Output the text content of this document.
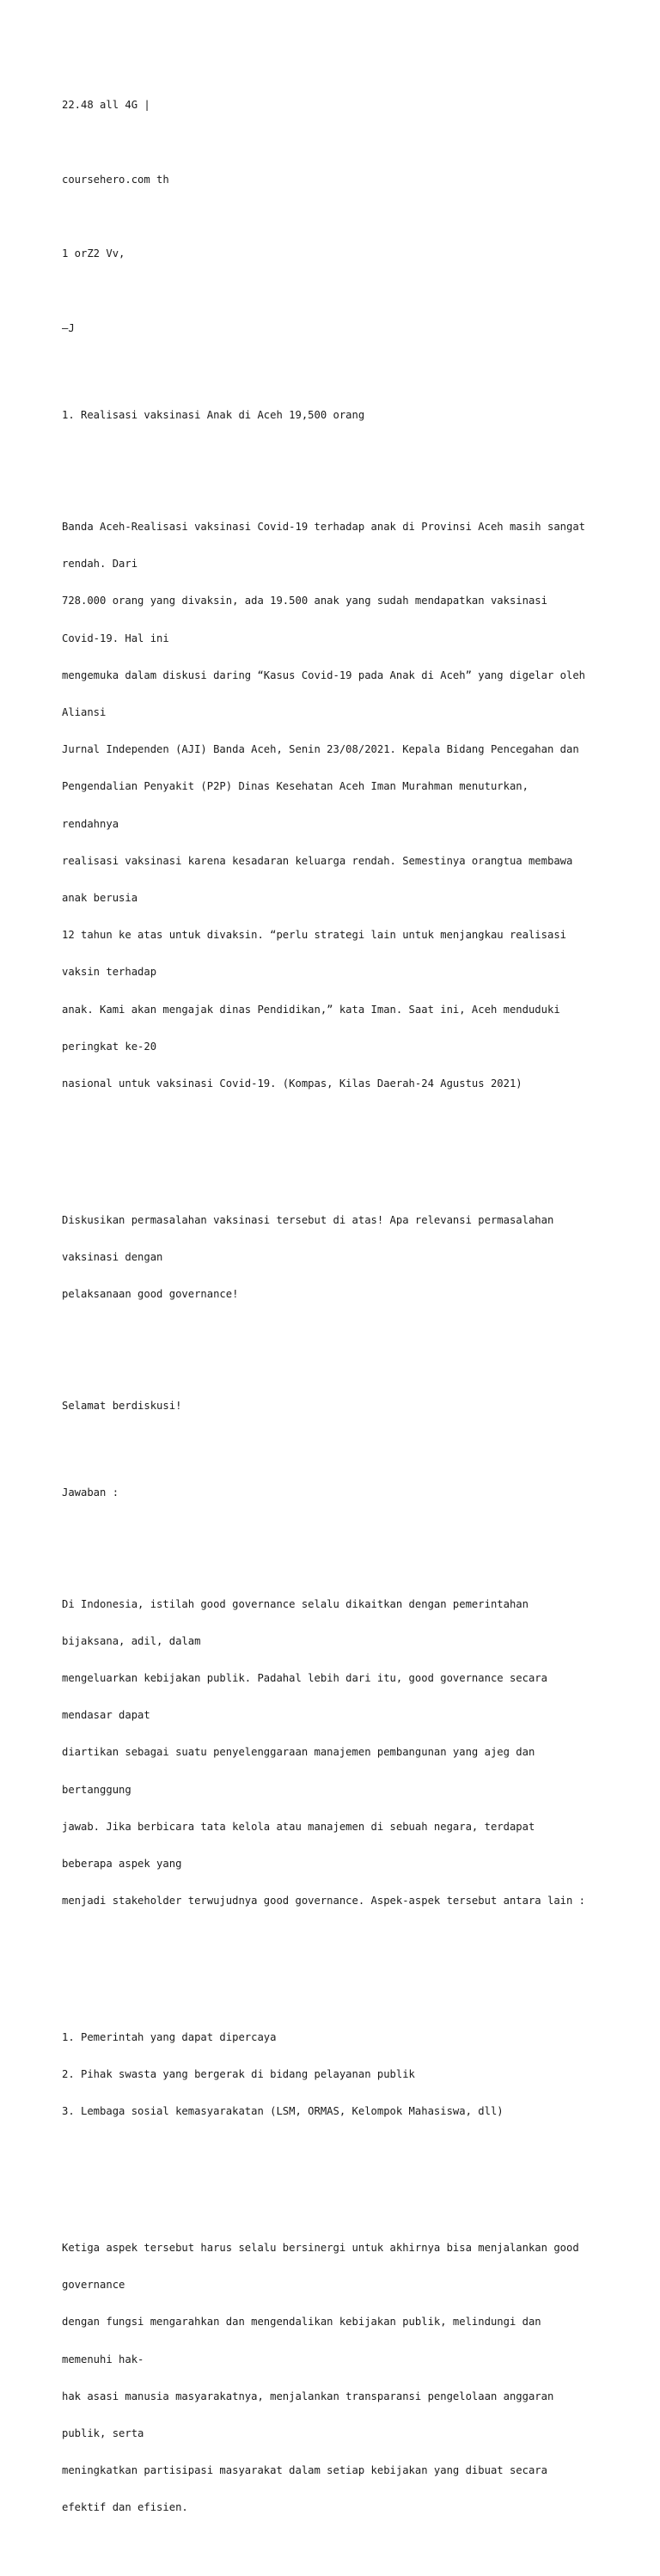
22.48 all 4G |

coursehero.com th

1 orZ2 Vv,

—J

1. Realisasi vaksinasi Anak di Aceh 19,500 orang

Banda Aceh-Realisasi vaksinasi Covid-19 terhadap anak di Provinsi Aceh masih sangat

rendah. Dari

728.000 orang yang divaksin, ada 19.500 anak yang sudah mendapatkan vaksinasi

Covid-19. Hal ini

mengemuka dalam diskusi daring “Kasus Covid-19 pada Anak di Aceh” yang digelar oleh

Aliansi

Jurnal Independen (AJI) Banda Aceh, Senin 23/08/2021. Kepala Bidang Pencegahan dan

Pengendalian Penyakit (P2P) Dinas Kesehatan Aceh Iman Murahman menuturkan,

rendahnya

realisasi vaksinasi karena kesadaran keluarga rendah. Semestinya orangtua membawa

anak berusia

12 tahun ke atas untuk divaksin. “perlu strategi lain untuk menjangkau realisasi

vaksin terhadap

anak. Kami akan mengajak dinas Pendidikan,” kata Iman. Saat ini, Aceh menduduki

peringkat ke-20

nasional untuk vaksinasi Covid-19. (Kompas, Kilas Daerah-24 Agustus 2021)

Diskusikan permasalahan vaksinasi tersebut di atas! Apa relevansi permasalahan

vaksinasi dengan

pelaksanaan good governance!

Selamat berdiskusi!

Jawaban :

Di Indonesia, istilah good governance selalu dikaitkan dengan pemerintahan

bijaksana, adil, dalam

mengeluarkan kebijakan publik. Padahal lebih dari itu, good governance secara

mendasar dapat

diartikan sebagai suatu penyelenggaraan manajemen pembangunan yang ajeg dan

bertanggung

jawab. Jika berbicara tata kelola atau manajemen di sebuah negara, terdapat

beberapa aspek yang

menjadi stakeholder terwujudnya good governance. Aspek-aspek tersebut antara lain :

1. Pemerintah yang dapat dipercaya

2. Pihak swasta yang bergerak di bidang pelayanan publik

3. Lembaga sosial kemasyarakatan (LSM, ORMAS, Kelompok Mahasiswa, dll)

Ketiga aspek tersebut harus selalu bersinergi untuk akhirnya bisa menjalankan good

governance

dengan fungsi mengarahkan dan mengendalikan kebijakan publik, melindungi dan

memenuhi hak-

hak asasi manusia masyarakatnya, menjalankan transparansi pengelolaan anggaran

publik, serta

meningkatkan partisipasi masyarakat dalam setiap kebijakan yang dibuat secara

efektif dan efisien.
